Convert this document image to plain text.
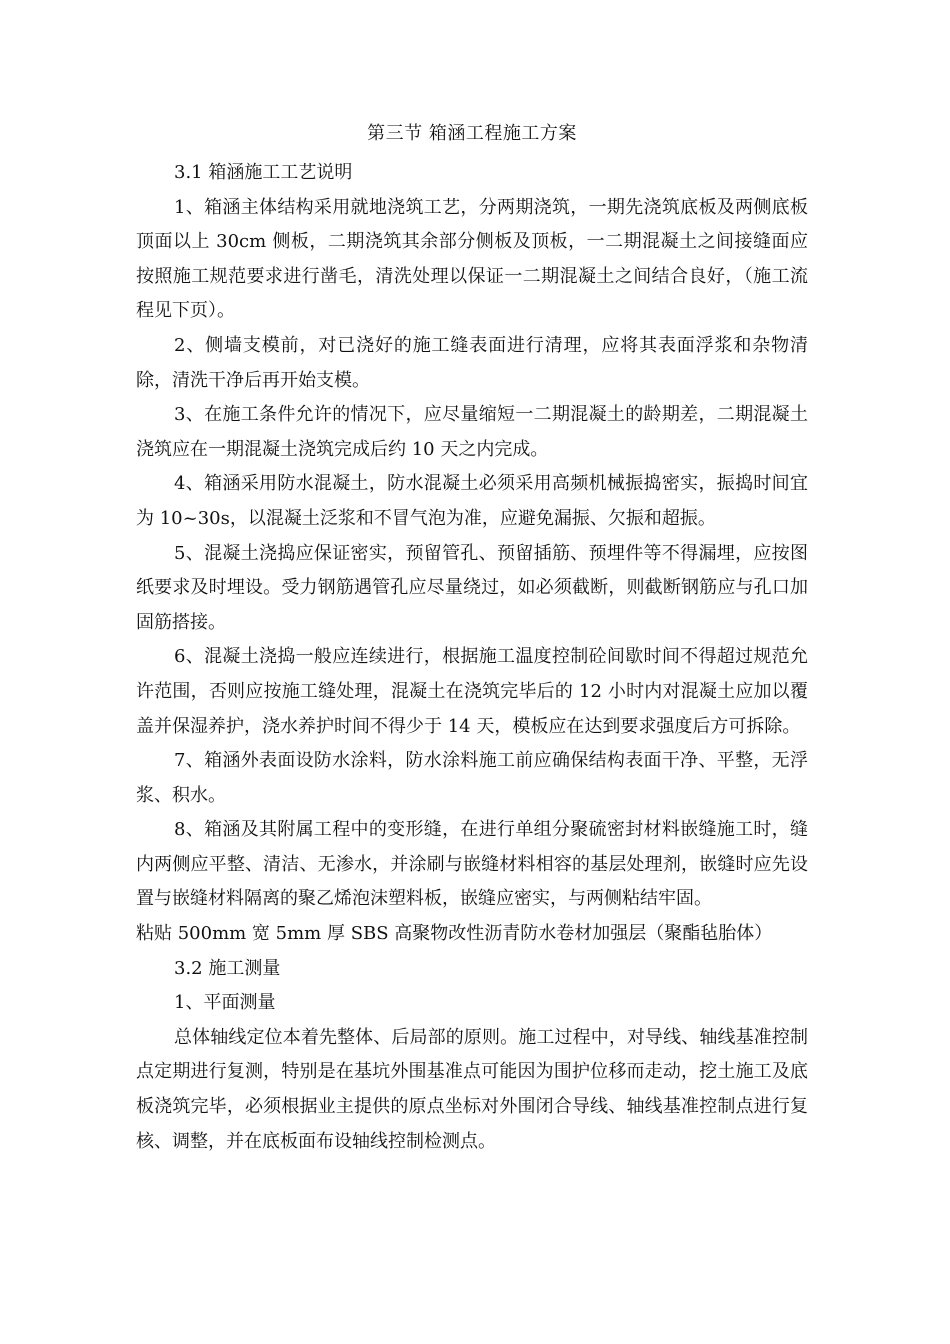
第三节 箱涵工程施工方案

3.1 箱涵施工工艺说明

1、箱涵主体结构采用就地浇筑工艺，分两期浇筑，一期先浇筑底板及两侧底板顶面以上 30cm 侧板，二期浇筑其余部分侧板及顶板，一二期混凝土之间接缝面应按照施工规范要求进行凿毛，清洗处理以保证一二期混凝土之间结合良好，（施工流程见下页）。

2、侧墙支模前，对已浇好的施工缝表面进行清理，应将其表面浮浆和杂物清除，清洗干净后再开始支模。

3、在施工条件允许的情况下，应尽量缩短一二期混凝土的龄期差，二期混凝土浇筑应在一期混凝土浇筑完成后约 10 天之内完成。

4、箱涵采用防水混凝土，防水混凝土必须采用高频机械振捣密实，振捣时间宜为 10~30s，以混凝土泛浆和不冒气泡为准，应避免漏振、欠振和超振。

5、混凝土浇捣应保证密实，预留管孔、预留插筋、预埋件等不得漏埋，应按图纸要求及时埋设。受力钢筋遇管孔应尽量绕过，如必须截断，则截断钢筋应与孔口加固筋搭接。

6、混凝土浇捣一般应连续进行，根据施工温度控制砼间歇时间不得超过规范允许范围，否则应按施工缝处理，混凝土在浇筑完毕后的 12 小时内对混凝土应加以覆盖并保湿养护，浇水养护时间不得少于 14 天，模板应在达到要求强度后方可拆除。

7、箱涵外表面设防水涂料，防水涂料施工前应确保结构表面干净、平整，无浮浆、积水。

8、箱涵及其附属工程中的变形缝，在进行单组分聚硫密封材料嵌缝施工时，缝内两侧应平整、清洁、无渗水，并涂刷与嵌缝材料相容的基层处理剂，嵌缝时应先设置与嵌缝材料隔离的聚乙烯泡沫塑料板，嵌缝应密实，与两侧粘结牢固。

粘贴 500mm 宽 5mm 厚 SBS 高聚物改性沥青防水卷材加强层（聚酯毡胎体）

3.2 施工测量

1、平面测量

总体轴线定位本着先整体、后局部的原则。施工过程中，对导线、轴线基准控制点定期进行复测，特别是在基坑外围基准点可能因为围护位移而走动，挖土施工及底板浇筑完毕，必须根据业主提供的原点坐标对外围闭合导线、轴线基准控制点进行复核、调整，并在底板面布设轴线控制检测点。
